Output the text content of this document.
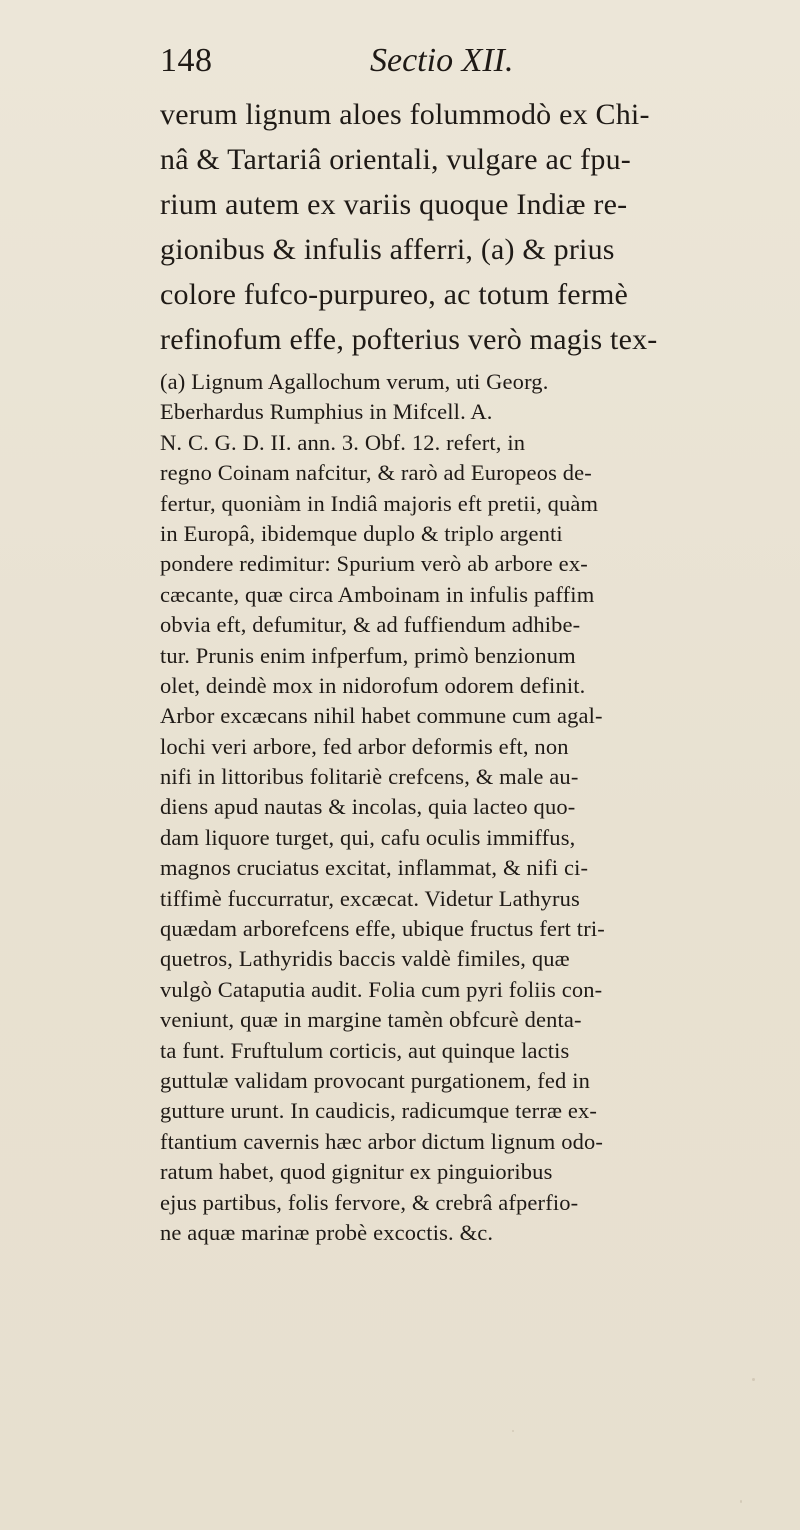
148	Sectio XII.
verum lignum aloes folummodò ex Chi-
nâ & Tartariâ orientali, vulgare ac fpu-
rium autem ex variis quoque Indiæ re-
gionibus & infulis afferri, (a) & prius
colore fufco-purpureo, ac totum fermè
refinofum effe, pofterius verò magis tex-
(a) Lignum Agallochum verum, uti Georg.
Eberhardus Rumphius in Mifcell. A.
N. C. G. D. II. ann. 3. Obf. 12. refert, in
regno Coinam nafcitur, & rarò ad Europeos de-
fertur, quoniàm in Indiâ majoris eft pretii, quàm
in Europâ, ibidemque duplo & triplo argenti
pondere redimitur: Spurium verò ab arbore ex-
cæcante, quæ circa Amboinam in infulis paffim
obvia eft, defumitur, & ad fuffiendum adhibe-
tur. Prunis enim infperfum, primò benzionum
olet, deindè mox in nidorofum odorem definit.
Arbor excæcans nihil habet commune cum agal-
lochi veri arbore, fed arbor deformis eft, non
nifi in littoribus folitariè crefcens, & male au-
diens apud nautas & incolas, quia lacteo quo-
dam liquore turget, qui, cafu oculis immiffus,
magnos cruciatus excitat, inflammat, & nifi ci-
tiffimè fuccurratur, excæcat. Videtur Lathyrus
quædam arborefcens effe, ubique fructus fert tri-
quetros, Lathyridis baccis valdè fimiles, quæ
vulgò Cataputia audit. Folia cum pyri foliis con-
veniunt, quæ in margine tamèn obfcurè denta-
ta funt. Fruftulum corticis, aut quinque lactis
guttulæ validam provocant purgationem, fed in
gutture urunt. In caudicis, radicumque terræ ex-
ftantium cavernis hæc arbor dictum lignum odo-
ratum habet, quod gignitur ex pinguioribus
ejus partibus, folis fervore, & crebrâ afperfio-
ne aquæ marinæ probè excoctis. &c.
